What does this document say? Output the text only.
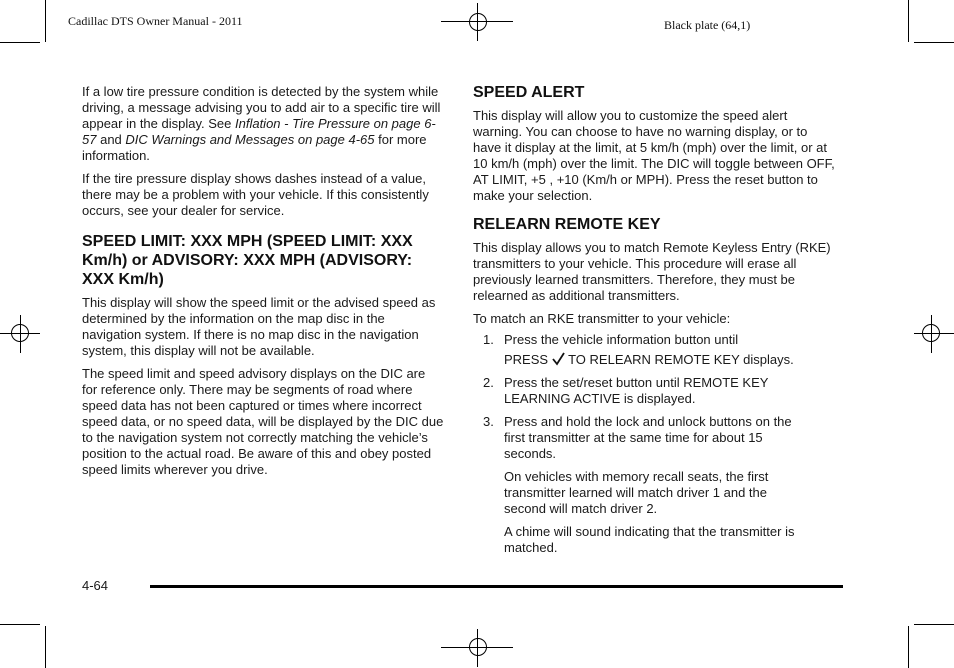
Cadillac DTS Owner Manual - 2011	Black plate (64,1)

If a low tire pressure condition is detected by the system while driving, a message advising you to add air to a specific tire will appear in the display. See Inflation - Tire Pressure on page 6-57 and DIC Warnings and Messages on page 4-65 for more information.

If the tire pressure display shows dashes instead of a value, there may be a problem with your vehicle. If this consistently occurs, see your dealer for service.

SPEED LIMIT: XXX MPH (SPEED LIMIT: XXX Km/h) or ADVISORY: XXX MPH (ADVISORY: XXX Km/h)

This display will show the speed limit or the advised speed as determined by the information on the map disc in the navigation system. If there is no map disc in the navigation system, this display will not be available.

The speed limit and speed advisory displays on the DIC are for reference only. There may be segments of road where speed data has not been captured or times where incorrect speed data, or no speed data, will be displayed by the DIC due to the navigation system not correctly matching the vehicle’s position to the actual road. Be aware of this and obey posted speed limits wherever you drive.

SPEED ALERT

This display will allow you to customize the speed alert warning. You can choose to have no warning display, or to have it display at the limit, at 5 km/h (mph) over the limit, or at 10 km/h (mph) over the limit. The DIC will toggle between OFF, AT LIMIT, +5 , +10 (Km/h or MPH). Press the reset button to make your selection.

RELEARN REMOTE KEY

This display allows you to match Remote Keyless Entry (RKE) transmitters to your vehicle. This procedure will erase all previously learned transmitters. Therefore, they must be relearned as additional transmitters.

To match an RKE transmitter to your vehicle:

1. Press the vehicle information button until
PRESS TO RELEARN REMOTE KEY displays.
2. Press the set/reset button until REMOTE KEY LEARNING ACTIVE is displayed.
3. Press and hold the lock and unlock buttons on the first transmitter at the same time for about 15 seconds.

On vehicles with memory recall seats, the first transmitter learned will match driver 1 and the second will match driver 2.

A chime will sound indicating that the transmitter is matched.

4-64
